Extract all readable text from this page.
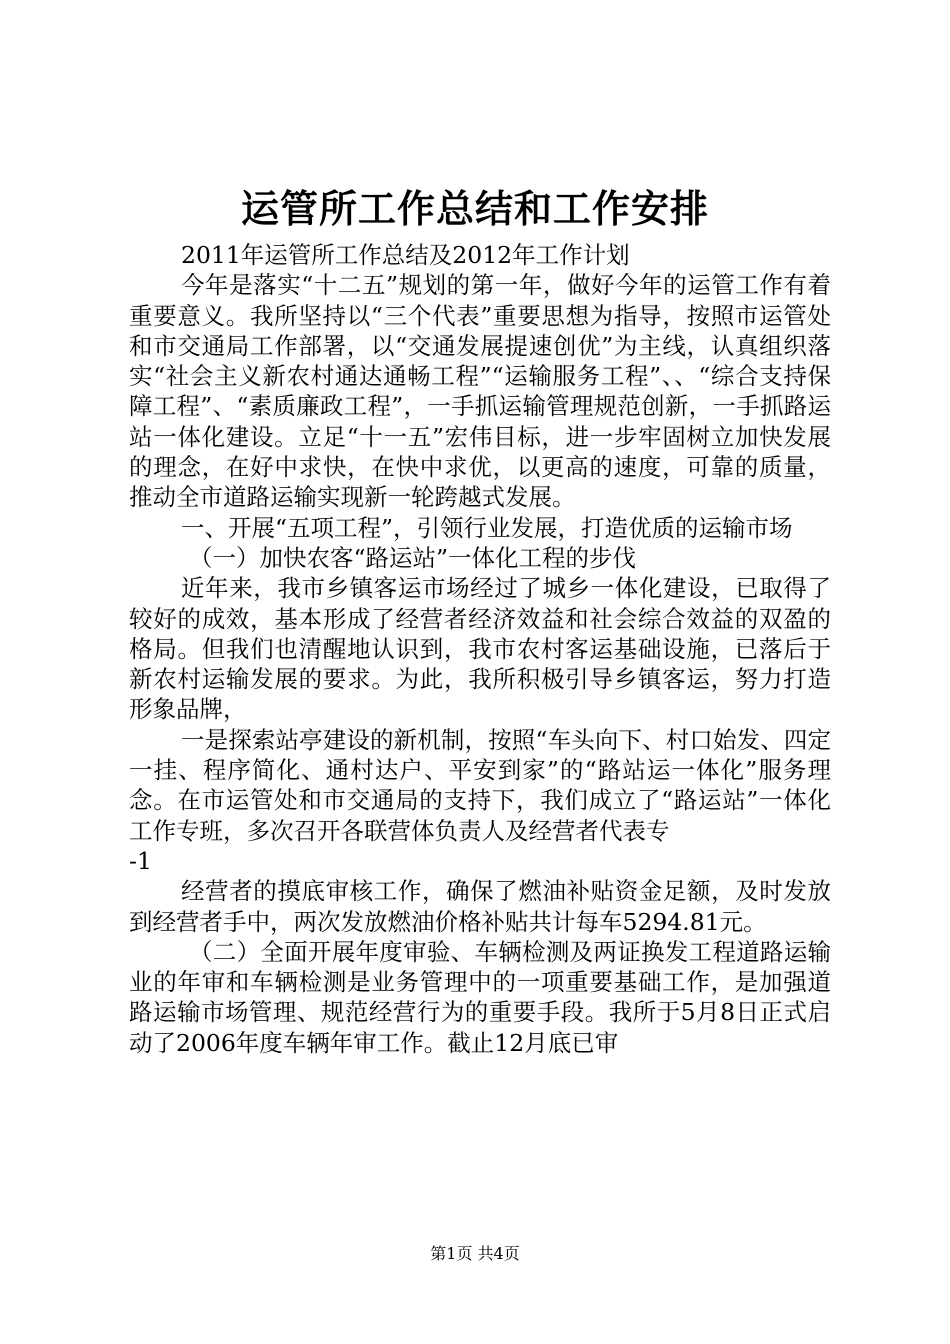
运管所工作总结和工作安排

2011年运管所工作总结及2012年工作计划

今年是落实“十二五”规划的第一年，做好今年的运管工作有着重要意义。我所坚持以“三个代表”重要思想为指导，按照市运管处和市交通局工作部署，以“交通发展提速创优”为主线，认真组织落实“社会主义新农村通达通畅工程”“运输服务工程”、、“综合支持保障工程”、“素质廉政工程”，一手抓运输管理规范创新，一手抓路运站一体化建设。立足“十一五”宏伟目标，进一步牢固树立加快发展的理念，在好中求快，在快中求优，以更高的速度，可靠的质量，推动全市道路运输实现新一轮跨越式发展。

一、开展“五项工程”，引领行业发展，打造优质的运输市场

（一）加快农客“路运站”一体化工程的步伐

近年来，我市乡镇客运市场经过了城乡一体化建设，已取得了较好的成效，基本形成了经营者经济效益和社会综合效益的双盈的格局。但我们也清醒地认识到，我市农村客运基础设施，已落后于新农村运输发展的要求。为此，我所积极引导乡镇客运，努力打造形象品牌，

一是探索站亭建设的新机制，按照“车头向下、村口始发、四定一挂、程序简化、通村达户、平安到家”的“路站运一体化”服务理念。在市运管处和市交通局的支持下，我们成立了“路运站”一体化工作专班，多次召开各联营体负责人及经营者代表专

-1

经营者的摸底审核工作，确保了燃油补贴资金足额，及时发放到经营者手中，两次发放燃油价格补贴共计每车5294.81元。

（二）全面开展年度审验、车辆检测及两证换发工程道路运输业的年审和车辆检测是业务管理中的一项重要基础工作，是加强道路运输市场管理、规范经营行为的重要手段。我所于5月8日正式启动了2006年度车辆年审工作。截止12月底已审

第1页 共4页
